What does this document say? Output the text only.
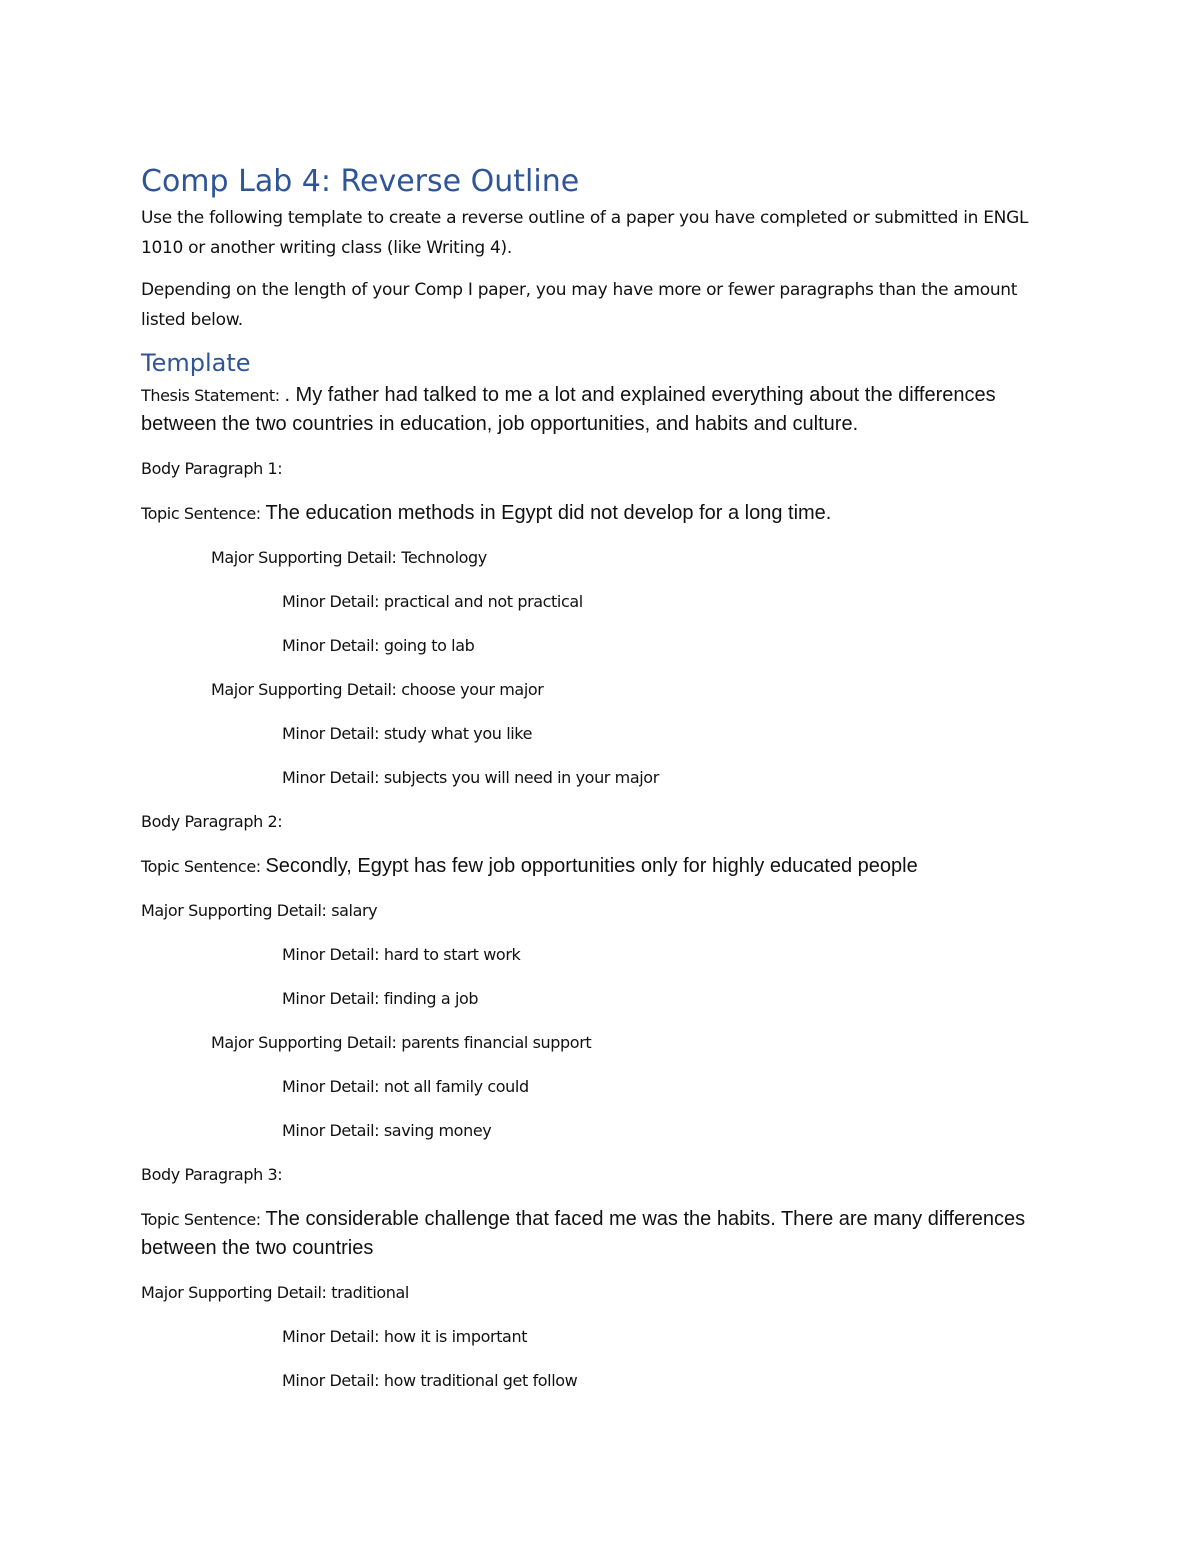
Comp Lab 4: Reverse Outline

Use the following template to create a reverse outline of a paper you have completed or submitted in ENGL 1010 or another writing class (like Writing 4).

Depending on the length of your Comp I paper, you may have more or fewer paragraphs than the amount listed below.

Template

Thesis Statement: . My father had talked to me a lot and explained everything about the differences between the two countries in education, job opportunities, and habits and culture.

Body Paragraph 1:

Topic Sentence: The education methods in Egypt did not develop for a long time.

Major Supporting Detail: Technology

Minor Detail: practical and not practical

Minor Detail: going to lab

Major Supporting Detail: choose your major

Minor Detail: study what you like

Minor Detail: subjects you will need in your major

Body Paragraph 2:

Topic Sentence: Secondly, Egypt has few job opportunities only for highly educated people

Major Supporting Detail: salary

Minor Detail: hard to start work

Minor Detail: finding a job

Major Supporting Detail: parents financial support

Minor Detail: not all family could

Minor Detail: saving money

Body Paragraph 3:

Topic Sentence: The considerable challenge that faced me was the habits. There are many differences between the two countries

Major Supporting Detail: traditional

Minor Detail: how it is important

Minor Detail: how traditional get follow
